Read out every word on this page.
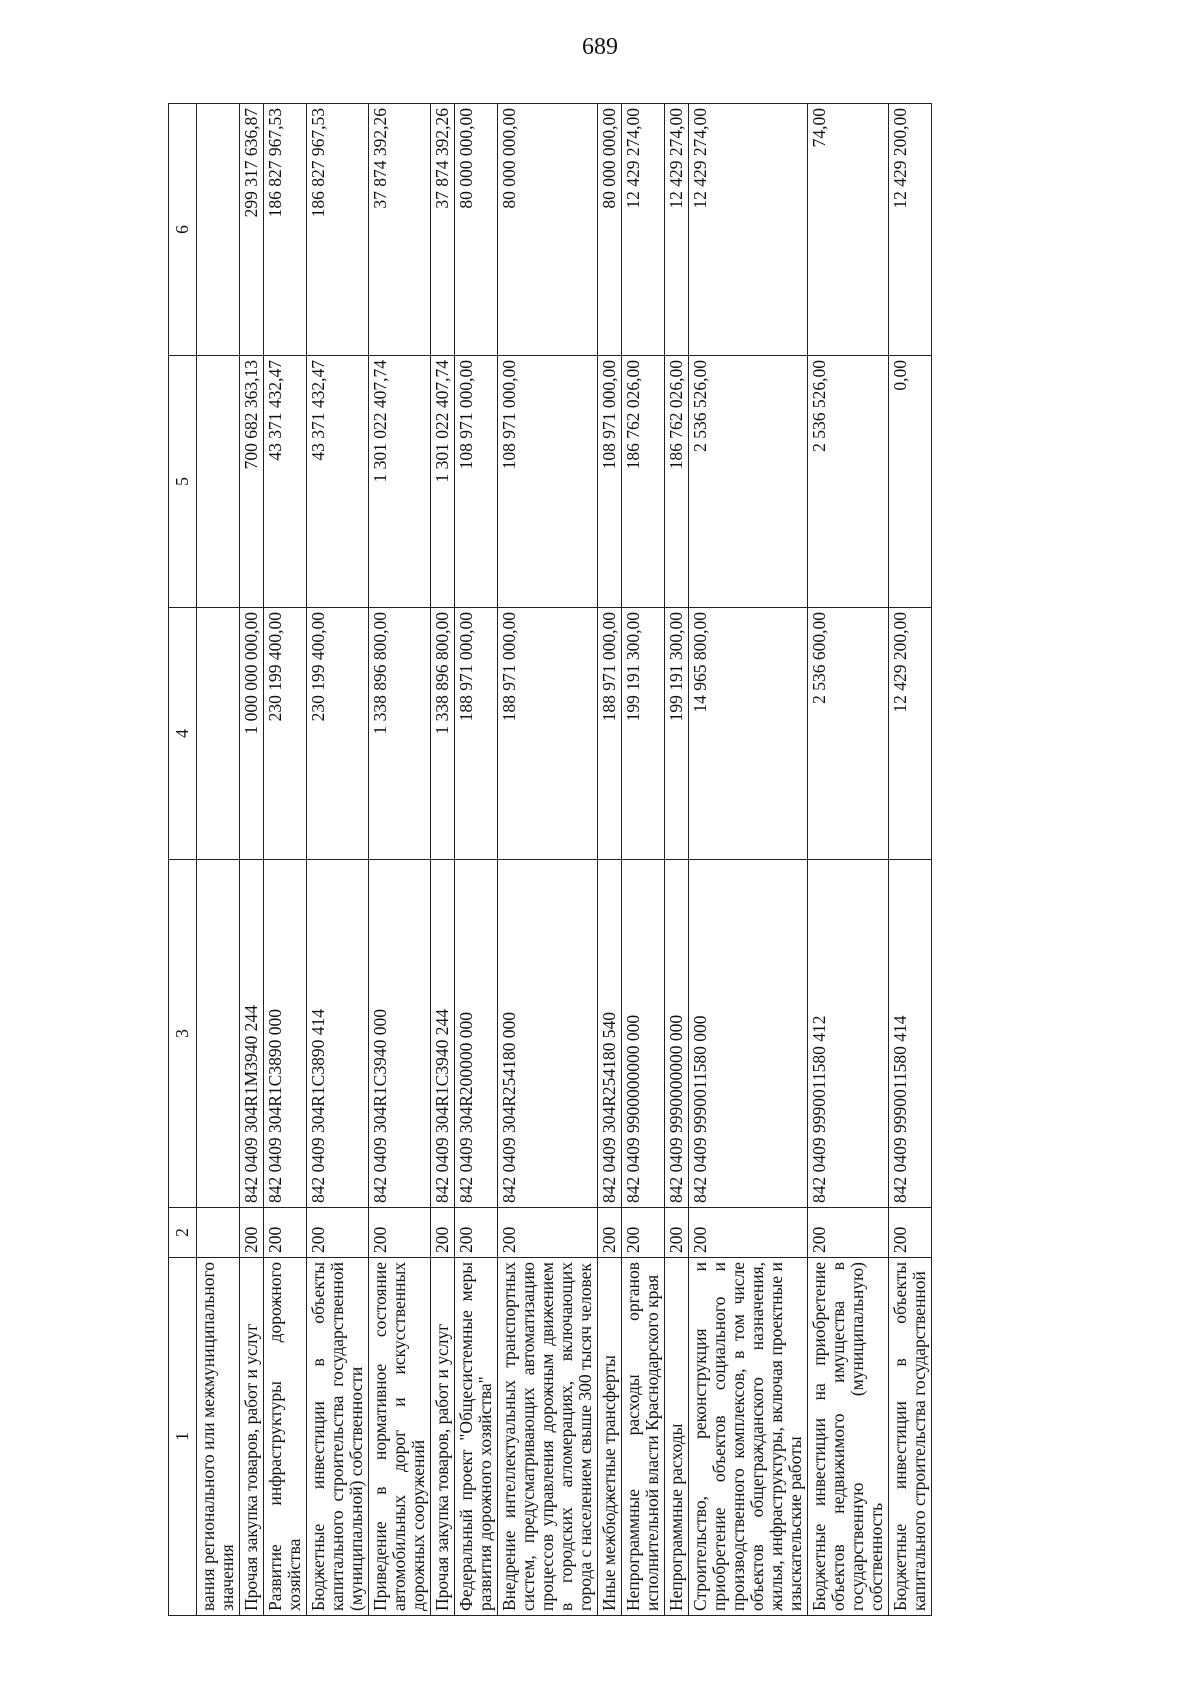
689
1	2	3	4	5	6
вания регионального или межмуниципального значения					
Прочая закупка товаров, работ и услуг	200	842 0409 304R1M3940 244	1 000 000 000,00	700 682 363,13	299 317 636,87
Развитие инфраструктуры дорожного хозяйства	200	842 0409 304R1C3890 000	230 199 400,00	43 371 432,47	186 827 967,53
Бюджетные инвестиции в объекты капитального строительства государственной (муниципальной) собственности	200	842 0409 304R1C3890 414	230 199 400,00	43 371 432,47	186 827 967,53
Приведение в нормативное состояние автомобильных дорог и искусственных дорожных сооружений	200	842 0409 304R1C3940 000	1 338 896 800,00	1 301 022 407,74	37 874 392,26
Прочая закупка товаров, работ и услуг	200	842 0409 304R1C3940 244	1 338 896 800,00	1 301 022 407,74	37 874 392,26
Федеральный проект "Общесистемные меры развития дорожного хозяйства"	200	842 0409 304R200000 000	188 971 000,00	108 971 000,00	80 000 000,00
Внедрение интеллектуальных транспортных систем, предусматривающих автоматизацию процессов управления дорожным движением в городских агломерациях, включающих города с населением свыше 300 тысяч человек	200	842 0409 304R254180 000	188 971 000,00	108 971 000,00	80 000 000,00
Иные межбюджетные трансферты	200	842 0409 304R254180 540	188 971 000,00	108 971 000,00	80 000 000,00
Непрограммные расходы органов исполнительной власти Краснодарского края	200	842 0409 9900000000 000	199 191 300,00	186 762 026,00	12 429 274,00
Непрограммные расходы	200	842 0409 9990000000 000	199 191 300,00	186 762 026,00	12 429 274,00
Строительство, реконструкция и приобретение объектов социального и производственного комплексов, в том числе объектов общегражданского назначения, жилья, инфраструктуры, включая проектные и изыскательские работы	200	842 0409 9990011580 000	14 965 800,00	2 536 526,00	12 429 274,00
Бюджетные инвестиции на приобретение объектов недвижимого имущества в государственную (муниципальную) собственность	200	842 0409 9990011580 412	2 536 600,00	2 536 526,00	74,00
Бюджетные инвестиции в объекты капитального строительства государственной	200	842 0409 9990011580 414	12 429 200,00	0,00	12 429 200,00
